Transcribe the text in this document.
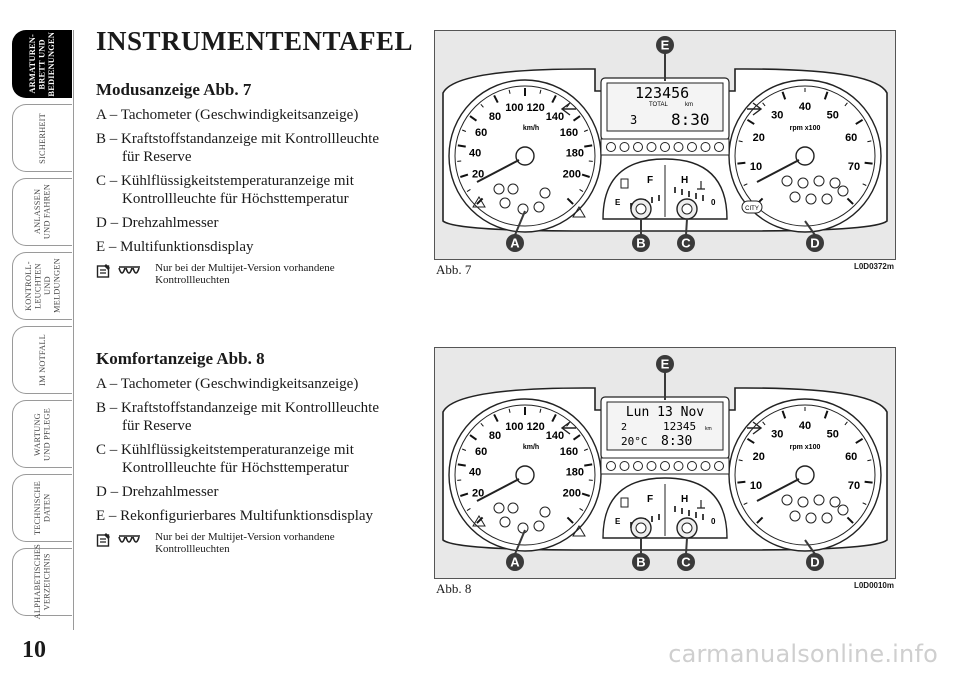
ARMATUREN-
BRETT UND
BEDIENUNGEN
SICHERHEIT
ANLASSEN
UND FAHREN
KONTROLL-
LEUCHTEN UND
MELDUNGEN
IM NOTFALL
WARTUNG
UND PFLEGE
TECHNISCHE
DATEN
ALPHABETISCHES
VERZEICHNIS
INSTRUMENTENTAFEL
Modusanzeige Abb. 7

A – Tachometer (Geschwindigkeitsanzeige)

B – Kraftstoffstandanzeige mit Kontrollleuchte
für Reserve

C – Kühlflüssigkeitstemperaturanzeige mit
Kontrollleuchte für Höchsttemperatur

D – Drehzahlmesser

E – Multifunktionsdisplay

Nur bei der Multijet-Version vorhandene Kontrollleuchten
Komfortanzeige Abb. 8

A – Tachometer (Geschwindigkeitsanzeige)

B – Kraftstoffstandanzeige mit Kontrollleuchte
für Reserve

C – Kühlflüssigkeitstemperaturanzeige mit
Kontrollleuchte für Höchsttemperatur

D – Drehzahlmesser

E – Rekonfigurierbares Multifunktionsdisplay

Nur bei der Multijet-Version vorhandene Kontrollleuchten
20
40
60
80
100 120
140
160
180
200
km/h
10
20
30
40
50
60
70
rpm x100
CITY
123456
TOTAL	km
3 8:30
F
E
H
0
A	B	C	D
E
Abb. 7	L0D0372m
20
40
60
80
100 120
140
160
180
200
km/h
10
20
30
40
50
60
70
rpm x100
Lun 13 Nov
2	12345 km
20°C 8:30
F
E
H
0
A	B	C	D
E
Abb. 8	L0D0010m
10	carmanualsonline.info
